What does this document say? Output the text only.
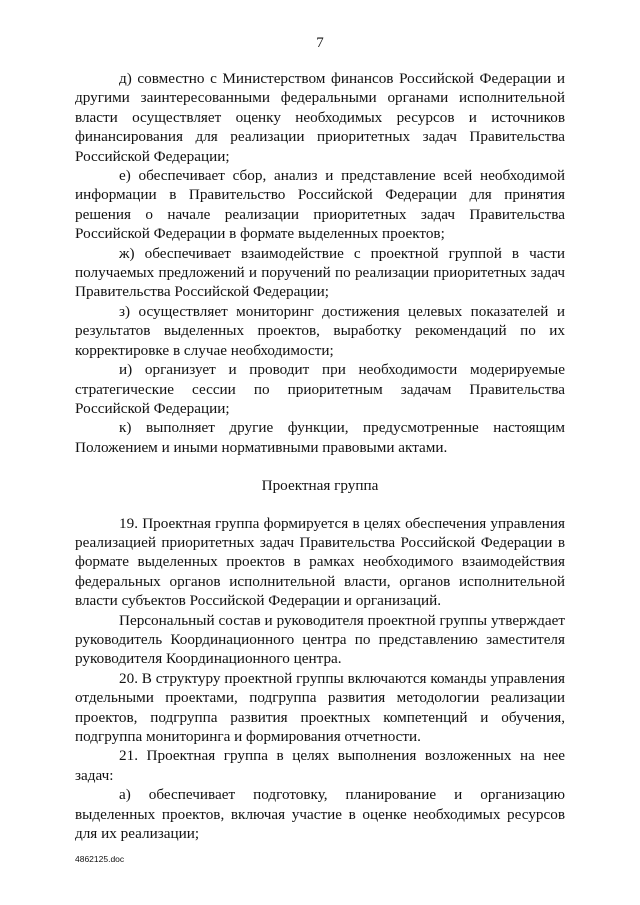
7

д) совместно с Министерством финансов Российской Федерации и другими заинтересованными федеральными органами исполнительной власти осуществляет оценку необходимых ресурсов и источников финансирования для реализации приоритетных задач Правительства Российской Федерации;

е) обеспечивает сбор, анализ и представление всей необходимой информации в Правительство Российской Федерации для принятия решения о начале реализации приоритетных задач Правительства Российской Федерации в формате выделенных проектов;

ж) обеспечивает взаимодействие с проектной группой в части получаемых предложений и поручений по реализации приоритетных задач Правительства Российской Федерации;

з) осуществляет мониторинг достижения целевых показателей и результатов выделенных проектов, выработку рекомендаций по их корректировке в случае необходимости;

и) организует и проводит при необходимости модерируемые стратегические сессии по приоритетным задачам Правительства Российской Федерации;

к) выполняет другие функции, предусмотренные настоящим Положением и иными нормативными правовыми актами.

Проектная группа

19. Проектная группа формируется в целях обеспечения управления реализацией приоритетных задач Правительства Российской Федерации в формате выделенных проектов в рамках необходимого взаимодействия федеральных органов исполнительной власти, органов исполнительной власти субъектов Российской Федерации и организаций.

Персональный состав и руководителя проектной группы утверждает руководитель Координационного центра по представлению заместителя руководителя Координационного центра.

20. В структуру проектной группы включаются команды управления отдельными проектами, подгруппа развития методологии реализации проектов, подгруппа развития проектных компетенций и обучения, подгруппа мониторинга и формирования отчетности.

21. Проектная группа в целях выполнения возложенных на нее задач:

а) обеспечивает подготовку, планирование и организацию выделенных проектов, включая участие в оценке необходимых ресурсов для их реализации;

4862125.doc
